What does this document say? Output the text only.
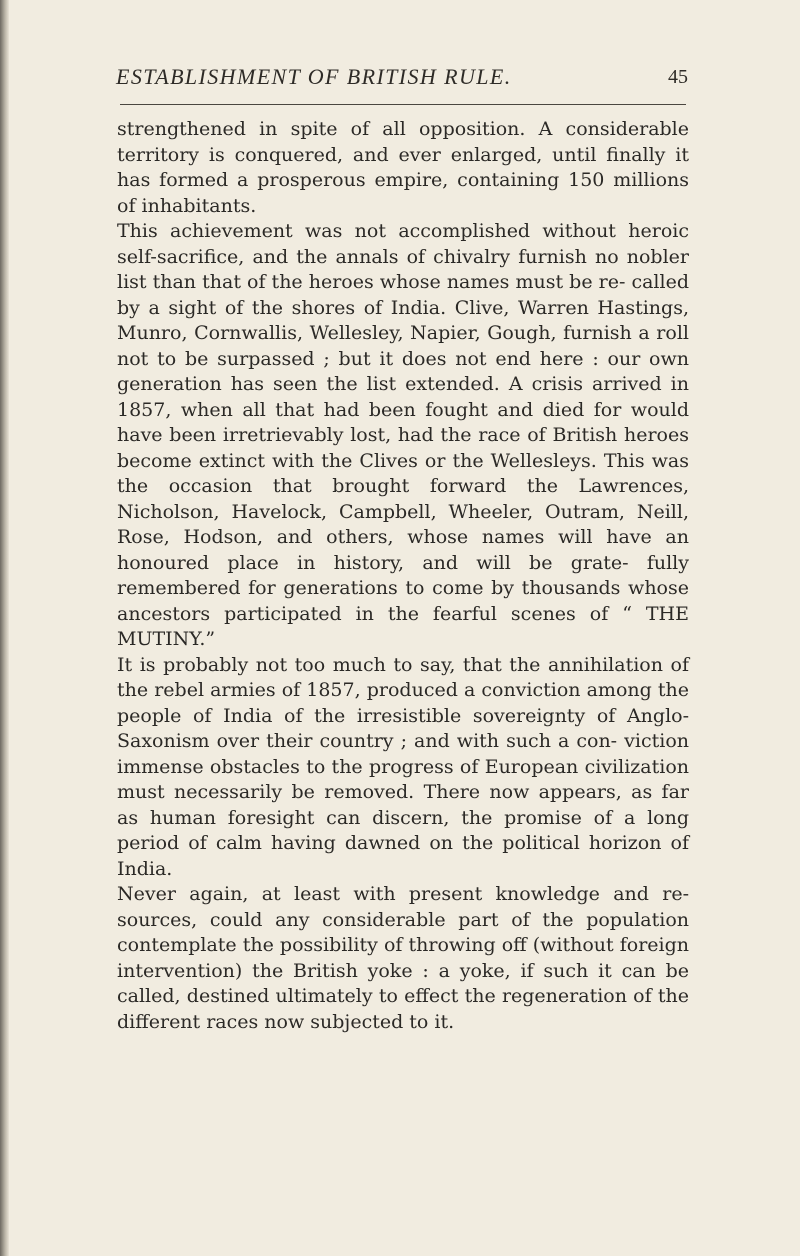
ESTABLISHMENT OF BRITISH RULE.	45

strengthened in spite of all opposition. A considerable territory is conquered, and ever enlarged, until finally it has formed a prosperous empire, containing 150 millions of inhabitants.

This achievement was not accomplished without heroic self-sacrifice, and the annals of chivalry furnish no nobler list than that of the heroes whose names must be re- called by a sight of the shores of India. Clive, Warren Hastings, Munro, Cornwallis, Wellesley, Napier, Gough, furnish a roll not to be surpassed ; but it does not end here : our own generation has seen the list extended. A crisis arrived in 1857, when all that had been fought and died for would have been irretrievably lost, had the race of British heroes become extinct with the Clives or the Wellesleys. This was the occasion that brought forward the Lawrences, Nicholson, Havelock, Campbell, Wheeler, Outram, Neill, Rose, Hodson, and others, whose names will have an honoured place in history, and will be grate- fully remembered for generations to come by thousands whose ancestors participated in the fearful scenes of “ THE MUTINY.”

It is probably not too much to say, that the annihilation of the rebel armies of 1857, produced a conviction among the people of India of the irresistible sovereignty of Anglo-Saxonism over their country ; and with such a con- viction immense obstacles to the progress of European civilization must necessarily be removed. There now appears, as far as human foresight can discern, the promise of a long period of calm having dawned on the political horizon of India.

Never again, at least with present knowledge and re- sources, could any considerable part of the population contemplate the possibility of throwing off (without foreign intervention) the British yoke : a yoke, if such it can be called, destined ultimately to effect the regeneration of the different races now subjected to it.
